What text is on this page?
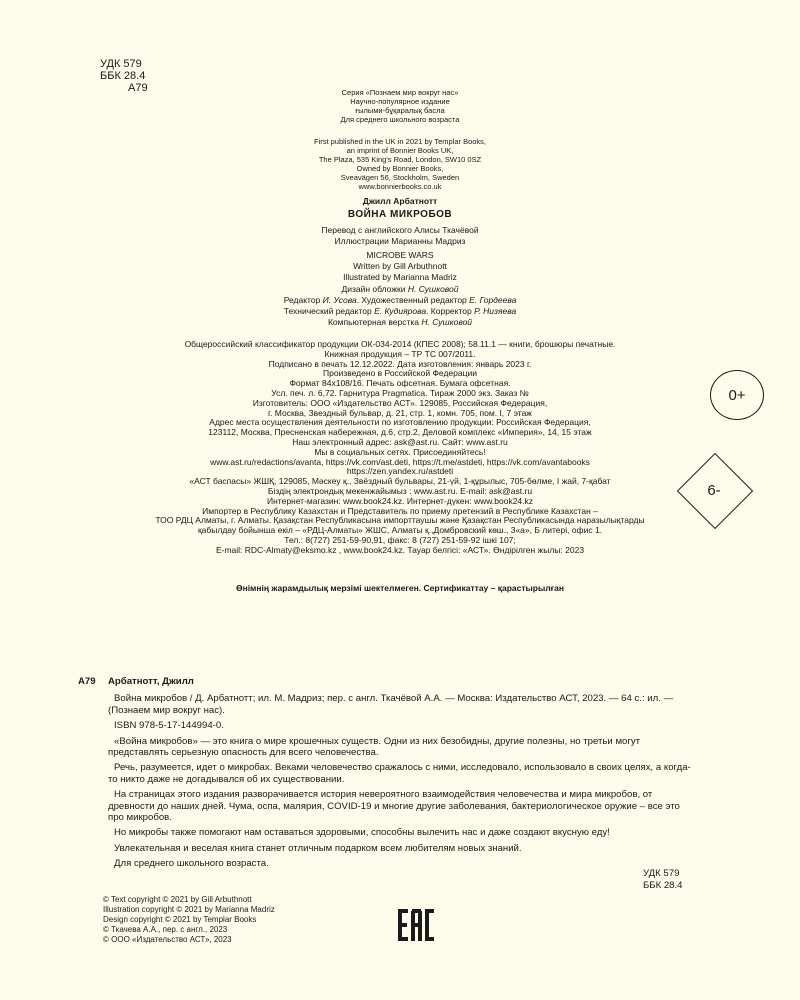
УДК 579
ББК 28.4
А79	Серия «Познаем мир вокруг нас»
Научно-популярное издание
ғылыми-бұқаралық басла
Для среднего школьного возраста
First published in the UK in 2021 by Templar Books,
an imprint of Bonnier Books UK,
The Plaza, 535 King's Road, London, SW10 0SZ
Owned by Bonnier Books,
Sveavägen 56, Stockholm, Sweden
www.bonnierbooks.co.uk
Джилл Арбатнотт
ВОЙНА МИКРОБОВ
Перевод с английского Алисы Ткачёвой
Иллюстрации Марианны Мадриз
MICROBE WARS
Written by Gill Arbuthnott
Illustrated by Marianna Madriz
Дизайн обложки Н. Сушковой
Редактор И. Усова. Художественный редактор Е. Гордеева
Технический редактор Е. Кудиярова. Корректор Р. Низяева
Компьютерная верстка Н. Сушковой
Общероссийский классификатор продукции ОК-034-2014 (КПЕС 2008); 58.11.1 — книги, брошюры печатные.
Книжная продукция – ТР ТС 007/2011.
Подписано в печать 12.12.2022. Дата изготовления: январь 2023 г.
Произведено в Российской Федерации
Формат 84х108/16. Печать офсетная. Бумага офсетная.
Усл. печ. л. 6,72. Гарнитура Pragmatica. Тираж 2000 экз. Заказ №
Изготовитель: ООО «Издательство АСТ». 129085, Российская Федерация,
г. Москва, Звездный бульвар, д. 21, стр. 1, комн. 705, пом. I, 7 этаж
Адрес места осуществления деятельности по изготовлению продукции: Российская Федерация,
123112, Москва, Пресненская набережная, д.6, стр.2, Деловой комплекс «Империя», 14, 15 этаж
Наш электронный адрес: ask@ast.ru. Сайт: www.ast.ru
Мы в социальных сетях. Присоединяйтесь!
www.ast.ru/redactions/avanta, https://vk.com/ast.deti, https://t.me/astdeti, https://vk.com/avantabooks
https://zen.yandex.ru/astdeti
«АСТ баспасы» ЖШҚ, 129085, Мәскеу қ., Звёздный бульвары, 21-үй, 1-құрылыс, 705-бөлме, I жай, 7-қабат
Біздің электрондық мекенжайымыз : www.ast.ru. E-mail: ask@ast.ru
Интернет-магазин: www.book24.kz. Интернет-дүкен: www.book24.kz
Импортер в Республику Казахстан и Представитель по приему претензий в Республике Казахстан –
ТОО РДЦ Алматы, г. Алматы. Қазақстан Республикасына импорттаушы және Қазақстан Республикасында наразылықтарды
қабылдау бойынша екіл – «РДЦ-Алматы» ЖШС, Алматы қ.,Домбровский көш., 3«а», Б литері, офис 1.
Тел.: 8(727) 251-59-90,91, факс: 8 (727) 251-59-92 ішкі 107;
E-mail: RDC-Almaty@eksmo.kz , www.book24.kz. Тауар белгісі: «АСТ». Өндірілген жылы: 2023
Өнімнің жарамдылық мерзімі шектелмеген. Сертификаттау – қарастырылған
0+
6-
А79 Арбатнотт, Джилл

Война микробов / Д. Арбатнотт; ил. М. Мадриз; пер. с англ. Ткачёвой А.А. — Москва: Издательство АСТ, 2023. — 64 с.: ил. — (Познаем мир вокруг нас).

ISBN 978-5-17-144994-0.

«Война микробов» — это книга о мире крошечных существ. Одни из них безобидны, другие полезны, но третьи могут представлять серьезную опасность для всего человечества.

Речь, разумеется, идет о микробах. Веками человечество сражалось с ними, исследовало, использовало в своих целях, а когда-то никто даже не догадывался об их существовании.

На страницах этого издания разворачивается история невероятного взаимодействия человечества и мира микробов, от древности до наших дней. Чума, оспа, малярия, COVID-19 и многие другие заболевания, бактериологическое оружие – все это про микробов.

Но микробы также помогают нам оставаться здоровыми, способны вылечить нас и даже создают вкусную еду!

Увлекательная и веселая книга станет отличным подарком всем любителям новых знаний.

Для среднего школьного возраста.

УДК 579
ББК 28.4
© Text copyright © 2021 by Gill Arbuthnott
Illustration copyright © 2021 by Marianna Madriz
Design copyright © 2021 by Templar Books
© Ткачева А.А., пер. с англ., 2023
© ООО «Издательство АСТ», 2023
